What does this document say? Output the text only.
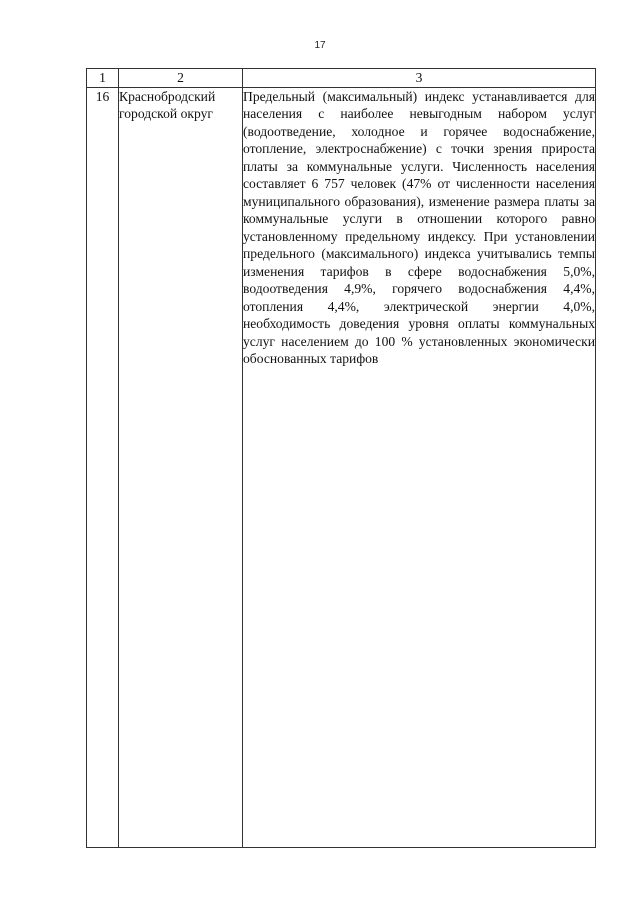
17
1	2	3
16	Краснобродский городской округ	Предельный (максимальный) индекс устанавливается для населения с наиболее невыгодным набором услуг (водоотведение, холодное и горячее водоснабжение, отопление, электроснабжение) с точки зрения прироста платы за коммунальные услуги. Численность населения составляет 6 757 человек (47% от численности населения муниципального образования), изменение размера платы за коммунальные услуги в отношении которого равно установленному предельному индексу. При установлении предельного (максимального) индекса учитывались темпы изменения тарифов в сфере водоснабжения 5,0%, водоотведения 4,9%, горячего водоснабжения 4,4%, отопления 4,4%, электрической энергии 4,0%, необходимость доведения уровня оплаты коммунальных услуг населением до 100 % установленных экономически обоснованных тарифов
